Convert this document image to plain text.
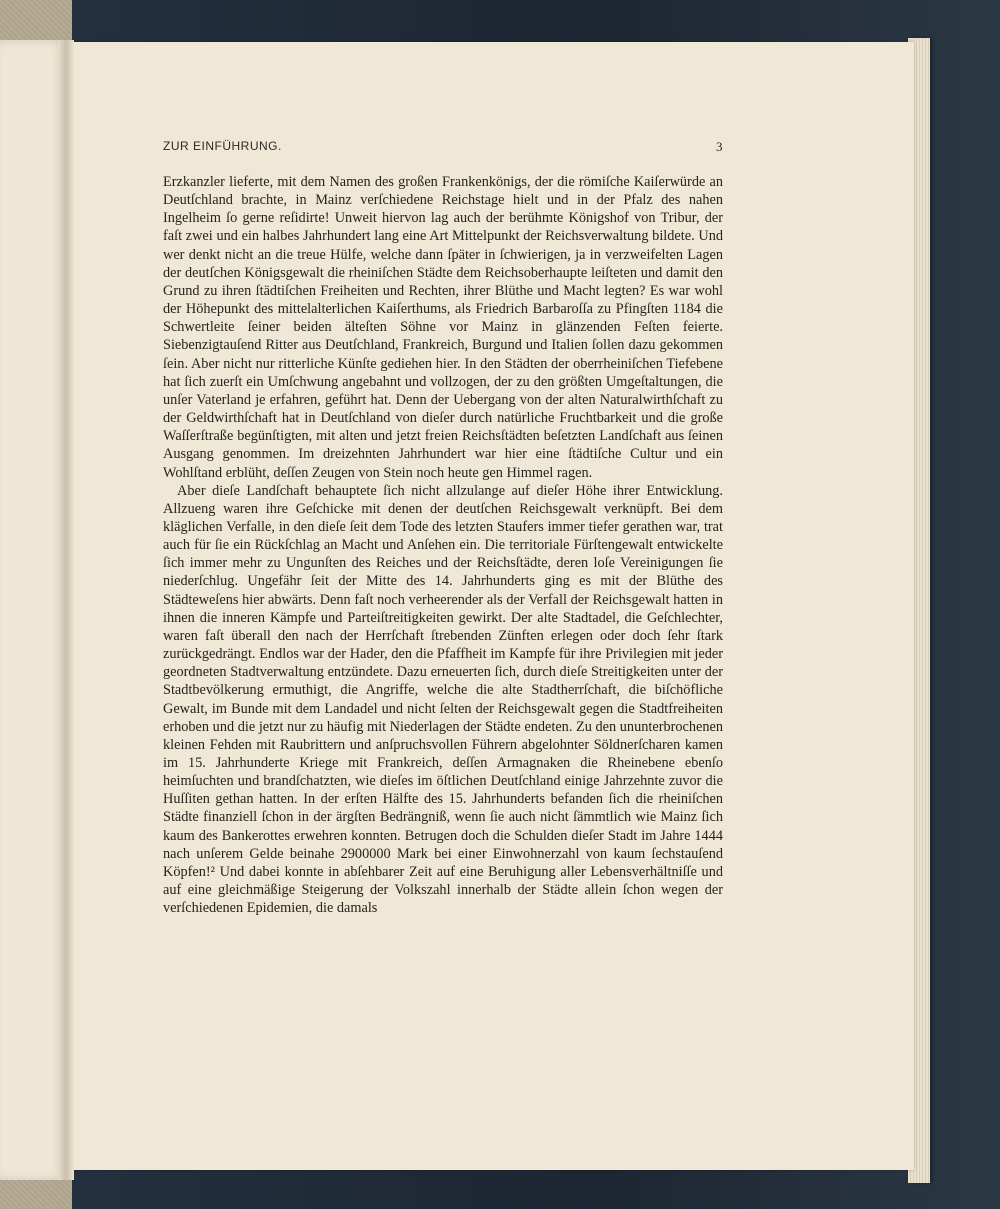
ZUR EINFÜHRUNG.	3

Erzkanzler lieferte, mit dem Namen des großen Frankenkönigs, der die römiſche Kaiſerwürde an Deutſchland brachte, in Mainz verſchiedene Reichstage hielt und in der Pfalz des nahen Ingelheim ſo gerne reſidirte! Unweit hiervon lag auch der berühmte Königshof von Tribur, der faſt zwei und ein halbes Jahrhundert lang eine Art Mittelpunkt der Reichsverwaltung bildete. Und wer denkt nicht an die treue Hülfe, welche dann ſpäter in ſchwierigen, ja in verzweifelten Lagen der deutſchen Königsgewalt die rheiniſchen Städte dem Reichsoberhaupte leiſteten und damit den Grund zu ihren ſtädtiſchen Freiheiten und Rechten, ihrer Blüthe und Macht legten? Es war wohl der Höhepunkt des mittelalterlichen Kaiſerthums, als Friedrich Barbaroſſa zu Pfingſten 1184 die Schwertleite ſeiner beiden älteſten Söhne vor Mainz in glänzenden Feſten feierte. Siebenzigtauſend Ritter aus Deutſchland, Frankreich, Burgund und Italien ſollen dazu gekommen ſein. Aber nicht nur ritterliche Künſte gediehen hier. In den Städten der oberrheiniſchen Tiefebene hat ſich zuerſt ein Umſchwung angebahnt und vollzogen, der zu den größten Umgeſtaltungen, die unſer Vaterland je erfahren, geführt hat. Denn der Uebergang von der alten Naturalwirthſchaft zu der Geldwirthſchaft hat in Deutſchland von dieſer durch natürliche Fruchtbarkeit und die große Waſſerſtraße begünſtigten, mit alten und jetzt freien Reichsſtädten beſetzten Landſchaft aus ſeinen Ausgang genommen. Im dreizehnten Jahrhundert war hier eine ſtädtiſche Cultur und ein Wohlſtand erblüht, deſſen Zeugen von Stein noch heute gen Himmel ragen.

Aber dieſe Landſchaft behauptete ſich nicht allzulange auf dieſer Höhe ihrer Entwicklung. Allzueng waren ihre Geſchicke mit denen der deutſchen Reichsgewalt verknüpft. Bei dem kläglichen Verfalle, in den dieſe ſeit dem Tode des letzten Staufers immer tiefer gerathen war, trat auch für ſie ein Rückſchlag an Macht und Anſehen ein. Die territoriale Fürſtengewalt entwickelte ſich immer mehr zu Ungunſten des Reiches und der Reichsſtädte, deren loſe Vereinigungen ſie niederſchlug. Ungefähr ſeit der Mitte des 14. Jahrhunderts ging es mit der Blüthe des Städteweſens hier abwärts. Denn faſt noch verheerender als der Verfall der Reichsgewalt hatten in ihnen die inneren Kämpfe und Parteiſtreitigkeiten gewirkt. Der alte Stadtadel, die Geſchlechter, waren faſt überall den nach der Herrſchaft ſtrebenden Zünften erlegen oder doch ſehr ſtark zurückgedrängt. Endlos war der Hader, den die Pfaffheit im Kampfe für ihre Privilegien mit jeder geordneten Stadtverwaltung entzündete. Dazu erneuerten ſich, durch dieſe Streitigkeiten unter der Stadtbevölkerung ermuthigt, die Angriffe, welche die alte Stadtherrſchaft, die biſchöfliche Gewalt, im Bunde mit dem Landadel und nicht ſelten der Reichsgewalt gegen die Stadtfreiheiten erhoben und die jetzt nur zu häufig mit Niederlagen der Städte endeten. Zu den ununterbrochenen kleinen Fehden mit Raubrittern und anſpruchsvollen Führern abgelohnter Söldnerſcharen kamen im 15. Jahrhunderte Kriege mit Frankreich, deſſen Armagnaken die Rheinebene ebenſo heimſuchten und brandſchatzten, wie dieſes im öſtlichen Deutſchland einige Jahrzehnte zuvor die Huſſiten gethan hatten. In der erſten Hälfte des 15. Jahrhunderts befanden ſich die rheiniſchen Städte finanziell ſchon in der ärgſten Bedrängniß, wenn ſie auch nicht ſämmtlich wie Mainz ſich kaum des Bankerottes erwehren konnten. Betrugen doch die Schulden dieſer Stadt im Jahre 1444 nach unſerem Gelde beinahe 2900000 Mark bei einer Einwohnerzahl von kaum ſechstauſend Köpfen!² Und dabei konnte in abſehbarer Zeit auf eine Beruhigung aller Lebensverhältniſſe und auf eine gleichmäßige Steigerung der Volkszahl innerhalb der Städte allein ſchon wegen der verſchiedenen Epidemien, die damals
